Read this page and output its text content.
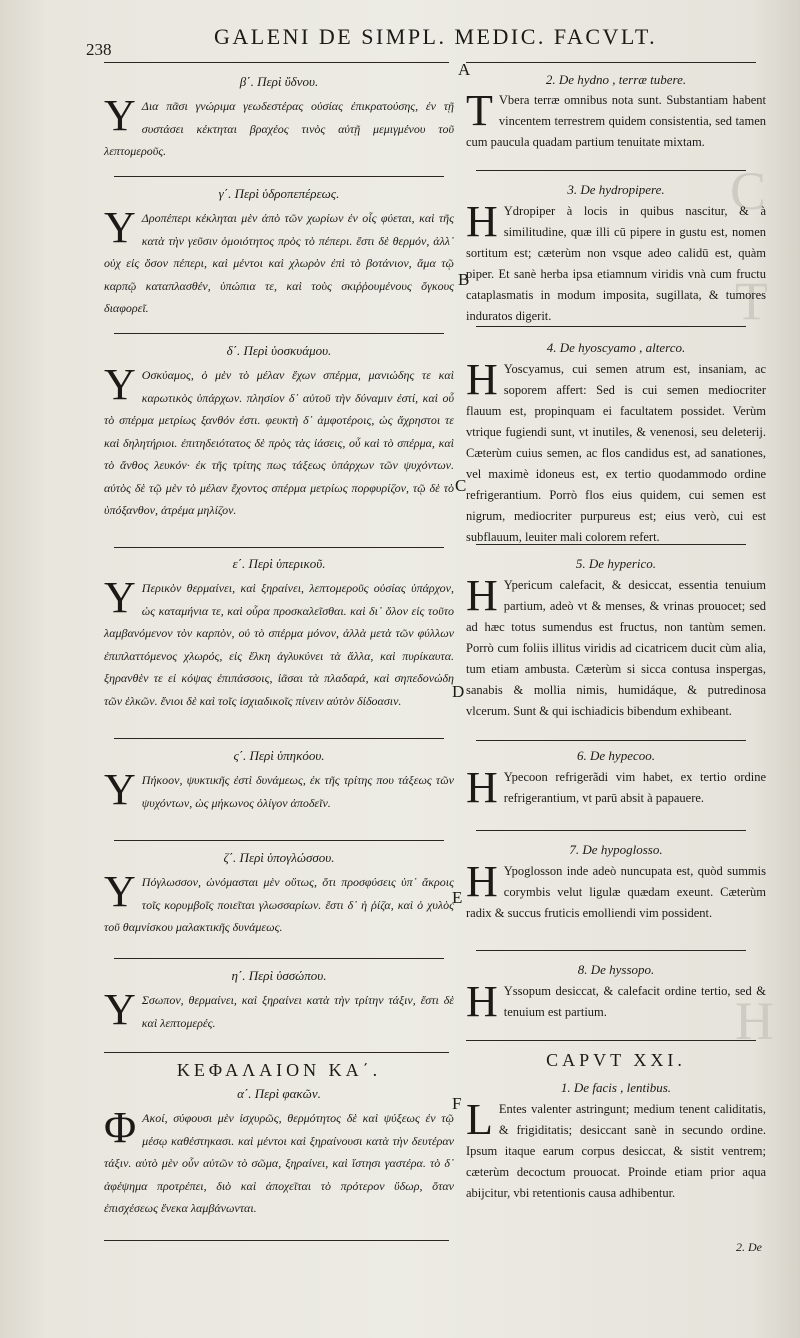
C
T
H
238
GALENI DE SIMPL. MEDIC. FACVLT.
A
B
C
D
E
F
β΄. Περὶ ὕδνου.
Υ Δια πᾶσι γνώριμα γεωδεστέρας οὐσίας ἐπικρατούσης, ἐν τῇ συστάσει κέκτηται βραχέος τινὸς αὐτῇ μεμιγμένου τοῦ λεπτομεροῦς.
γ΄. Περὶ ὑδροπεπέρεως.
Υ Δροπέπερι κέκληται μὲν ἀπὸ τῶν χωρίων ἐν οἷς φύεται, καὶ τῆς κατὰ τὴν γεῦσιν ὁμοιότητος πρὸς τὸ πέπερι. ἔστι δὲ θερμόν, ἀλλ᾽ οὐχ εἰς ὅσον πέπερι, καὶ μέντοι καὶ χλωρὸν ἐπὶ τὸ βοτάνιον, ἅμα τῷ καρπῷ καταπλασθέν, ὑπώπια τε, καὶ τοὺς σκιῤῥουμένους ὄγκους διαφορεῖ.
δ΄. Περὶ ὑοσκυάμου.
Υ Οσκύαμος, ὁ μὲν τὸ μέλαν ἔχων σπέρμα, μανιώδης τε καὶ καρωτικὸς ὑπάρχων. πλησίον δ᾽ αὐτοῦ τὴν δύναμιν ἐστί, καὶ οὗ τὸ σπέρμα μετρίως ξανθόν ἐστι. φευκτὴ δ᾽ ἀμφοτέροις, ὡς ἄχρηστοι τε καὶ δηλητήριοι. ἐπιτηδειότατος δὲ πρὸς τὰς ἰάσεις, οὗ καὶ τὸ σπέρμα, καὶ τὸ ἄνθος λευκόν· ἐκ τῆς τρίτης πως τάξεως ὑπάρχων τῶν ψυχόντων. αὐτὸς δὲ τῷ μὲν τὸ μέλαν ἔχοντος σπέρμα μετρίως πορφυρίζον, τῷ δὲ τὸ ὑπόξανθον, ἀτρέμα μηλίζον.
ε΄. Περὶ ὑπερικοῦ.
Υ Περικὸν θερμαίνει, καὶ ξηραίνει, λεπτομεροῦς οὐσίας ὑπάρχον, ὡς καταμήνια τε, καὶ οὖρα προσκαλεῖσθαι. καὶ δι᾽ ὅλον εἰς τοῦτο λαμβανόμενον τὸν καρπὸν, οὐ τὸ σπέρμα μόνον, ἀλλὰ μετὰ τῶν φύλλων ἐπιπλαττόμενος χλωρός, εἰς ἕλκη ἀγλυκύνει τὰ ἄλλα, καὶ πυρίκαυτα. ξηρανθὲν τε εἰ κόψας ἐπιπάσσοις, ἰᾶσαι τὰ πλαδαρά, καὶ σηπεδονώδη τῶν ἑλκῶν. ἔνιοι δὲ καὶ τοῖς ἰσχιαδικοῖς πίνειν αὐτὸν δίδοασιν.
ς΄. Περὶ ὑπηκόου.
Υ Πήκοον, ψυκτικῆς ἐστὶ δυνάμεως, ἐκ τῆς τρίτης που τάξεως τῶν ψυχόντων, ὡς μήκωνος ὀλίγον ἀποδεῖν.
ζ΄. Περὶ ὑπογλώσσου.
Υ Πόγλωσσον, ὠνόμασται μὲν οὕτως, ὅτι προσφύσεις ὑπ᾽ ἄκροις τοῖς κορυμβοῖς ποιεῖται γλωσσαρίων. ἔστι δ᾽ ἡ ῥίζα, καὶ ὁ χυλὸς τοῦ θαμνίσκου μαλακτικῆς δυνάμεως.
η΄. Περὶ ὑσσώπου.
Υ Σσωπον, θερμαίνει, καὶ ξηραίνει κατὰ τὴν τρίτην τάξιν, ἔστι δὲ καὶ λεπτομερές.
ΚΕΦΑΛΑΙΟΝ ΚΑ΄.
α΄. Περὶ φακῶν.
Φ Ακοί, σύφουσι μὲν ἰσχυρῶς, θερμότητος δὲ καὶ ψύξεως ἐν τῷ μέσῳ καθέστηκασι. καὶ μέντοι καὶ ξηραίνουσι κατὰ τὴν δευτέραν τάξιν. αὐτὸ μὲν οὖν αὐτῶν τὸ σῶμα, ξηραίνει, καὶ ἵστησι γαστέρα. τὸ δ᾽ ἀφέψημα προτρέπει, διὸ καὶ ἀποχεῖται τὸ πρότερον ὕδωρ, ὅταν ἐπισχέσεως ἕνεκα λαμβάνωνται.
2. De hydno , terræ tubere.
T Vbera terræ omnibus nota sunt. Substantiam habent vincentem terrestrem quidem consistentia, sed tamen cum paucula quadam partium tenuitate mixtam.
3. De hydropipere.
H Ydropiper à locis in quibus nascitur, & à similitudine, quæ illi cū pipere in gustu est, nomen sortitum est; cæterùm non vsque adeo calidū est, quàm piper. Et sanè herba ipsa etiamnum viridis vnà cum fructu cataplasmatis in modum imposita, sugillata, & tumores induratos digerit.
4. De hyoscyamo , alterco.
H Yoscyamus, cui semen atrum est, insaniam, ac soporem affert: Sed is cui semen mediocriter flauum est, propinquam ei facultatem possidet. Verùm vtrique fugiendi sunt, vt inutiles, & venenosi, seu deleterij. Cæterùm cuius semen, ac flos candidus est, ad sanationes, vel maximè idoneus est, ex tertio quodammodo ordine refrigerantium. Porrò flos eius quidem, cui semen est nigrum, mediocriter purpureus est; eius verò, cui est subflauum, leuiter mali colorem refert.
5. De hyperico.
H Ypericum calefacit, & desiccat, essentia tenuium partium, adeò vt & menses, & vrinas prouocet; sed ad hæc totus sumendus est fructus, non tantùm semen. Porrò cum foliis illitus viridis ad cicatricem ducit cùm alia, tum etiam ambusta. Cæterùm si sicca contusa inspergas, sanabis & mollia nimis, humidáque, & putredinosa vlcerum. Sunt & qui ischiadicis bibendum exhibeant.
6. De hypecoo.
H Ypecoon refrigerãdi vim habet, ex tertio ordine refrigerantium, vt parū absit à papauere.
7. De hypoglosso.
H Ypoglosson inde adeò nuncupata est, quòd summis corymbis velut ligulæ quædam exeunt. Cæterùm radix & succus fruticis emolliendi vim possident.
8. De hyssopo.
H Yssopum desiccat, & calefacit ordine tertio, sed & tenuium est partium.
CAPVT XXI.
1. De facis , lentibus.
L Entes valenter astringunt; medium tenent caliditatis, & frigiditatis; desiccant sanè in secundo ordine. Ipsum itaque earum corpus desiccat, & sistit ventrem; cæterùm decoctum prouocat. Proinde etiam prior aqua abijcitur, vbi retentionis causa adhibentur.
2. De
